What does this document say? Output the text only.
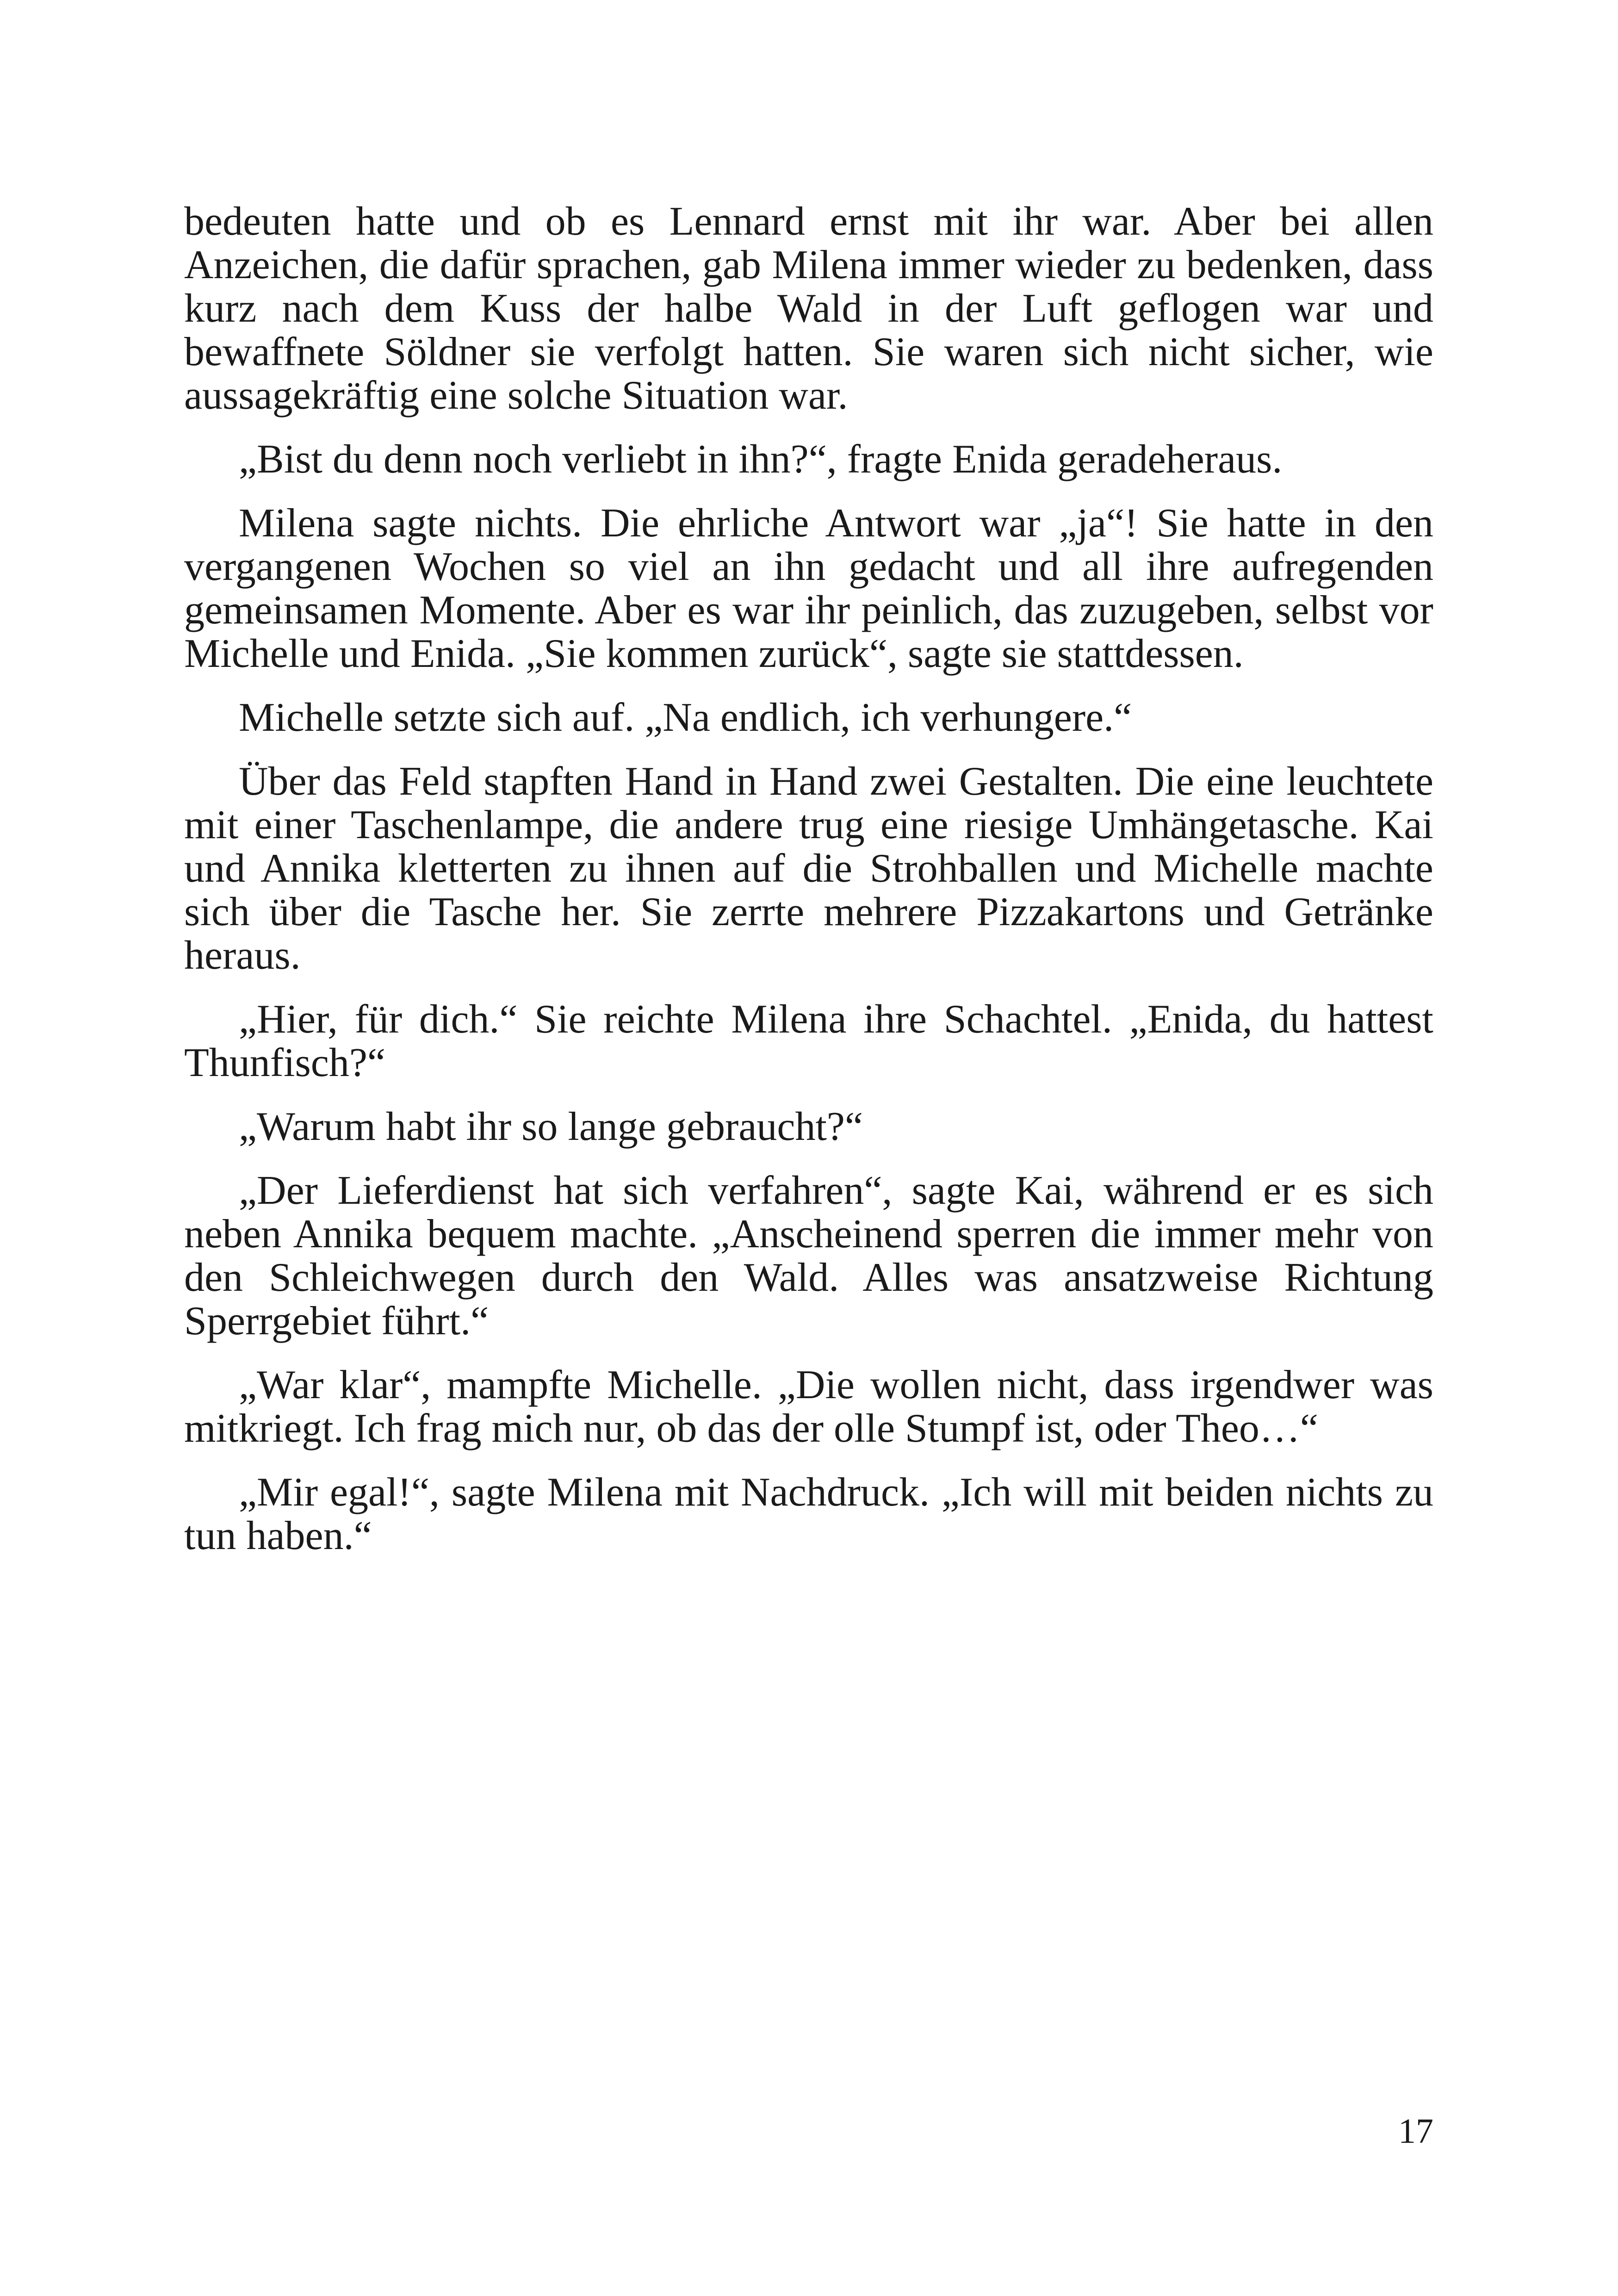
bedeuten hatte und ob es Lennard ernst mit ihr war. Aber bei allen Anzeichen, die dafür sprachen, gab Milena immer wieder zu bedenken, dass kurz nach dem Kuss der halbe Wald in der Luft geflogen war und bewaffnete Söldner sie verfolgt hatten. Sie waren sich nicht sicher, wie aussagekräftig eine solche Situation war.

„Bist du denn noch verliebt in ihn?“, fragte Enida geradeheraus.

Milena sagte nichts. Die ehrliche Antwort war „ja“! Sie hatte in den vergangenen Wochen so viel an ihn gedacht und all ihre aufregenden gemeinsamen Momente. Aber es war ihr peinlich, das zuzugeben, selbst vor Michelle und Enida. „Sie kommen zurück“, sagte sie stattdessen.

Michelle setzte sich auf. „Na endlich, ich verhungere.“

Über das Feld stapften Hand in Hand zwei Gestalten. Die eine leuchtete mit einer Taschenlampe, die andere trug eine riesige Umhängetasche. Kai und Annika kletterten zu ihnen auf die Strohballen und Michelle machte sich über die Tasche her. Sie zerrte mehrere Pizzakartons und Getränke heraus.

„Hier, für dich.“ Sie reichte Milena ihre Schachtel. „Enida, du hattest Thunfisch?“

„Warum habt ihr so lange gebraucht?“

„Der Lieferdienst hat sich verfahren“, sagte Kai, während er es sich neben Annika bequem machte. „Anscheinend sperren die immer mehr von den Schleichwegen durch den Wald. Alles was ansatzweise Richtung Sperrgebiet führt.“

„War klar“, mampfte Michelle. „Die wollen nicht, dass irgendwer was mitkriegt. Ich frag mich nur, ob das der olle Stumpf ist, oder Theo…“

„Mir egal!“, sagte Milena mit Nachdruck. „Ich will mit beiden nichts zu tun haben.“

17
